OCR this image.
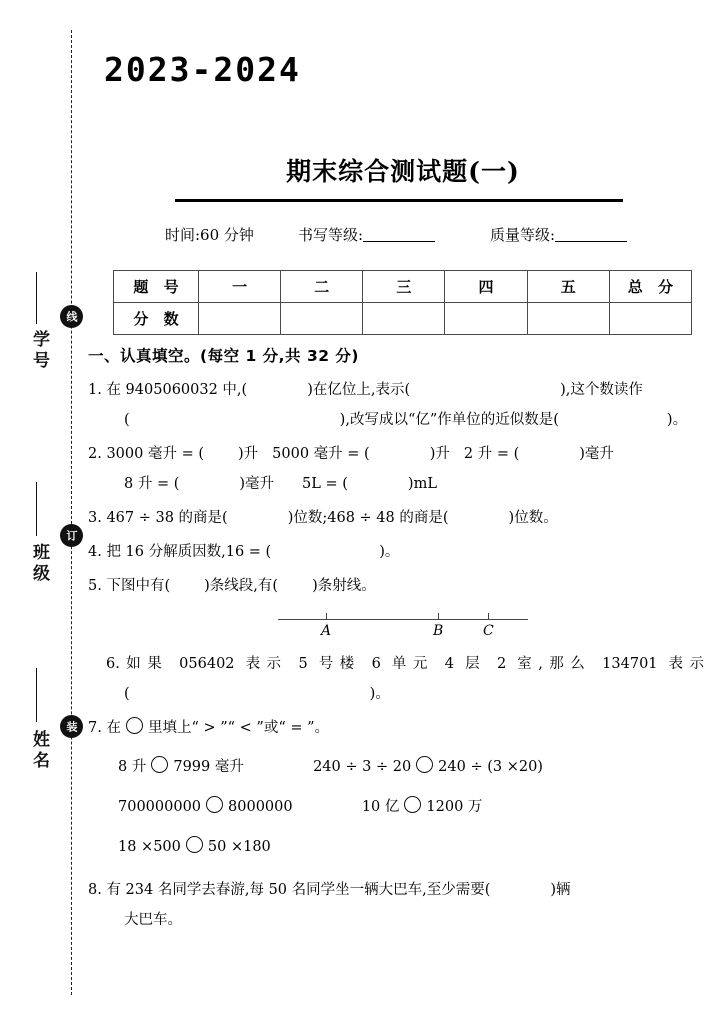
线
订
装
学号
班级
姓名
2023-2024
期末综合测试题(一)
时间:60 分钟	书写等级:	质量等级:
题 号	一	二	三	四	五	总 分
分 数						
一、认真填空。(每空 1 分,共 32 分)
1. 在 9405060032 中,(	)在亿位上,表示(	),这个数读作
(	),改写成以“亿”作单位的近似数是(	)。
2. 3000 毫升 = ( )升 5000 毫升 = (	)升 2 升 = (	)毫升
8 升 = (	)毫升 5L = (	)mL
3. 467 ÷ 38 的商是(	)位数;468 ÷ 48 的商是(	)位数。
4. 把 16 分解质因数,16 = (	)。
5. 下图中有( )条线段,有( )条射线。
A	B	C
6.如果 056402 表示 5 号楼 6 单元 4 层 2 室,那么 134701 表示
(	)。
7. 在 里填上“ > ”“ < ”或“ = ”。
8 升 7999 毫升	240 ÷ 3 ÷ 20 240 ÷ (3 ×20)
700000000 8000000	10 亿 1200 万
18 ×500 50 ×180
8. 有 234 名同学去春游,每 50 名同学坐一辆大巴车,至少需要(	)辆
大巴车。
